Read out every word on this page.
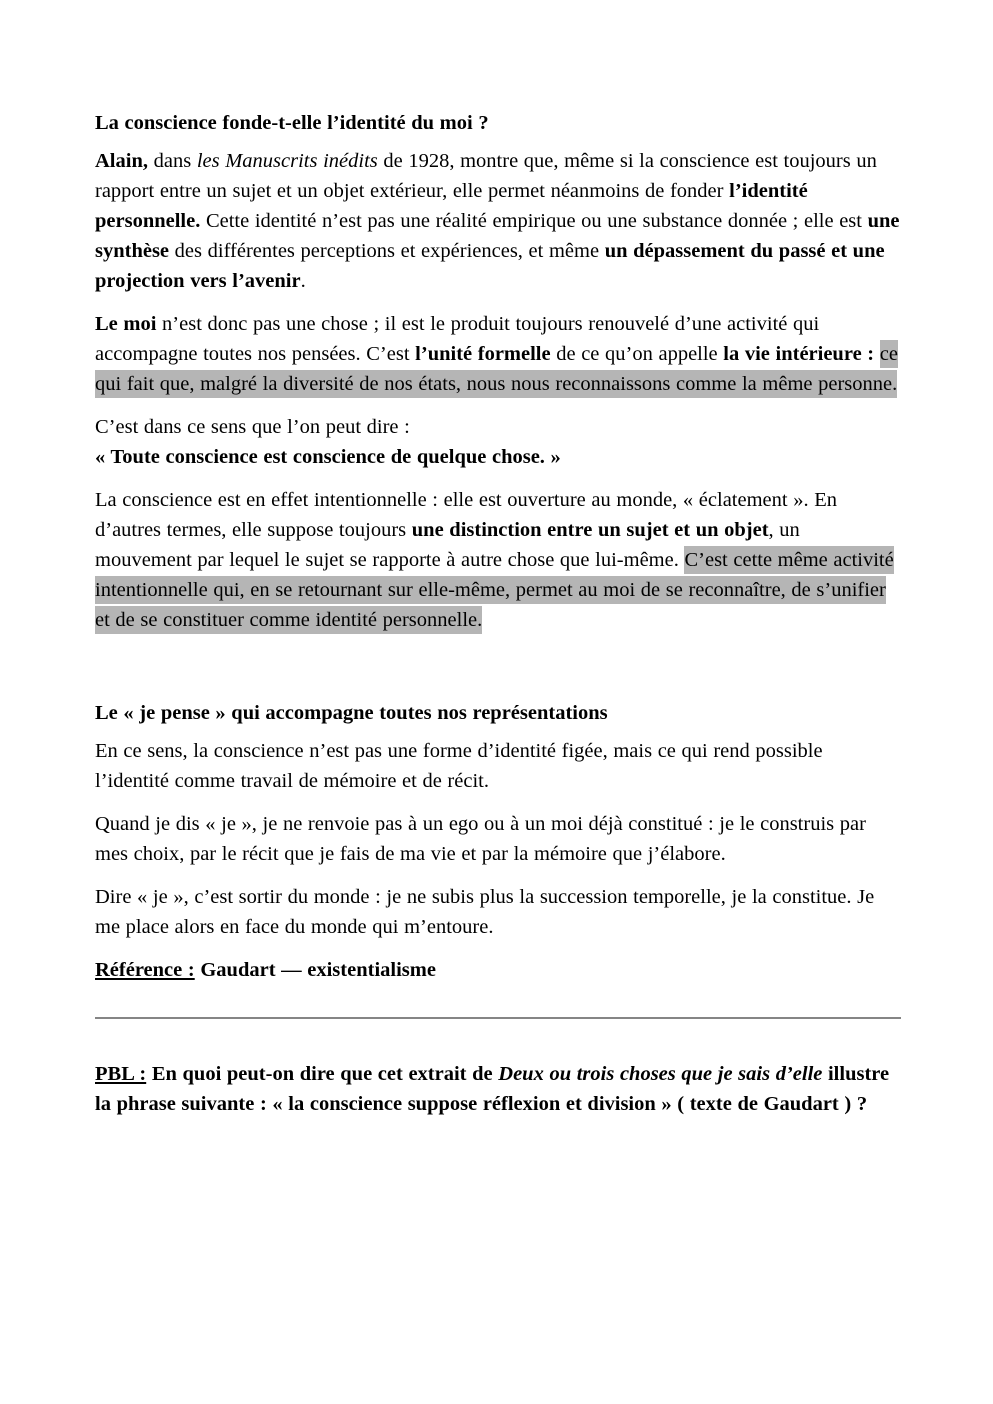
La conscience fonde-t-elle l’identité du moi ?

Alain, dans les Manuscrits inédits de 1928, montre que, même si la conscience est toujours un rapport entre un sujet et un objet extérieur, elle permet néanmoins de fonder l’identité personnelle. Cette identité n’est pas une réalité empirique ou une substance donnée ; elle est une synthèse des différentes perceptions et expériences, et même un dépassement du passé et une projection vers l’avenir.

Le moi n’est donc pas une chose ; il est le produit toujours renouvelé d’une activité qui accompagne toutes nos pensées. C’est l’unité formelle de ce qu’on appelle la vie intérieure : ce qui fait que, malgré la diversité de nos états, nous nous reconnaissons comme la même personne.

C’est dans ce sens que l’on peut dire :
« Toute conscience est conscience de quelque chose. »

La conscience est en effet intentionnelle : elle est ouverture au monde, « éclatement ». En d’autres termes, elle suppose toujours une distinction entre un sujet et un objet, un mouvement par lequel le sujet se rapporte à autre chose que lui-même. C’est cette même activité intentionnelle qui, en se retournant sur elle-même, permet au moi de se reconnaître, de s’unifier et de se constituer comme identité personnelle.

Le « je pense » qui accompagne toutes nos représentations

En ce sens, la conscience n’est pas une forme d’identité figée, mais ce qui rend possible l’identité comme travail de mémoire et de récit.

Quand je dis « je », je ne renvoie pas à un ego ou à un moi déjà constitué : je le construis par mes choix, par le récit que je fais de ma vie et par la mémoire que j’élabore.

Dire « je », c’est sortir du monde : je ne subis plus la succession temporelle, je la constitue. Je me place alors en face du monde qui m’entoure.

Référence : Gaudart — existentialisme

PBL : En quoi peut-on dire que cet extrait de Deux ou trois choses que je sais d’elle illustre la phrase suivante : « la conscience suppose réflexion et division » ( texte de Gaudart ) ?
